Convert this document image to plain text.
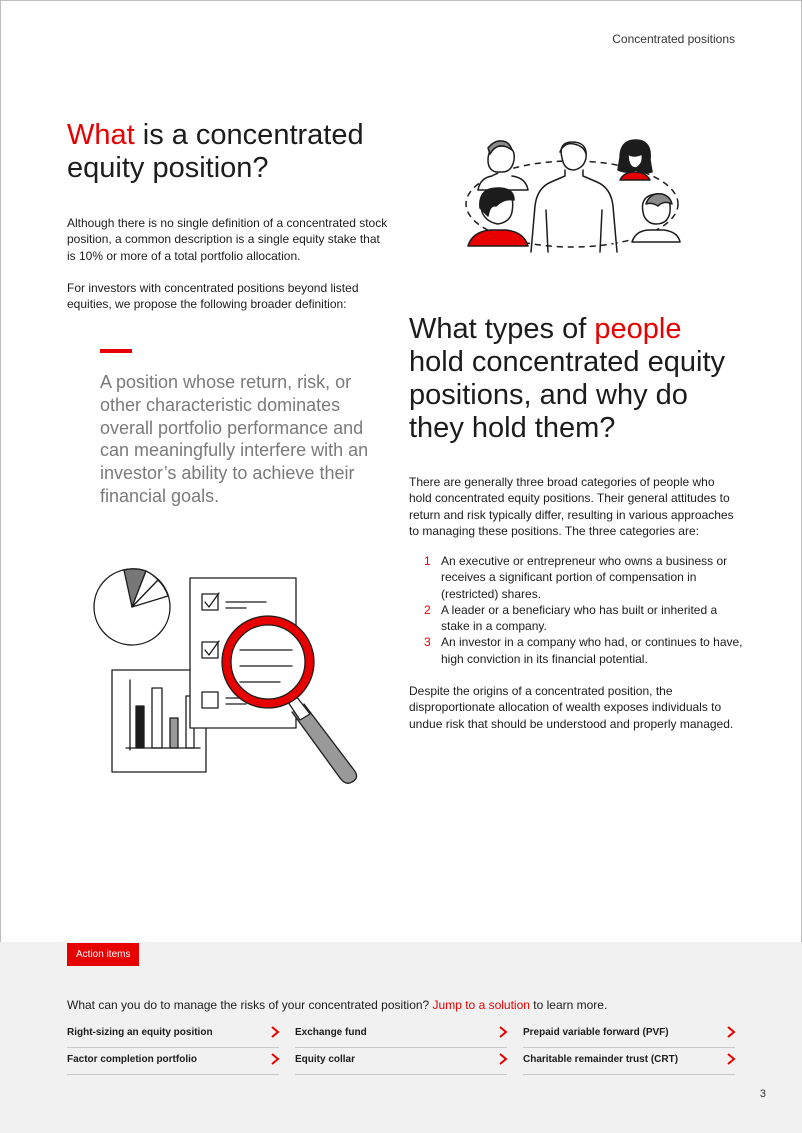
Concentrated positions
What is a concentrated equity position?

Although there is no single definition of a concentrated stock position, a common description is a single equity stake that is 10% or more of a total portfolio allocation.

For investors with concentrated positions beyond listed equities, we propose the following broader definition:

A position whose return, risk, or other characteristic dominates overall portfolio performance and can meaningfully interfere with an investor’s ability to achieve their financial goals.

What types of people hold concentrated equity positions, and why do they hold them?

There are generally three broad categories of people who hold concentrated equity positions. Their general attitudes to return and risk typically differ, resulting in various approaches to managing these positions. The three categories are:

1 An executive or entrepreneur who owns a business or receives a significant portion of compensation in (restricted) shares.
2 A leader or a beneficiary who has built or inherited a stake in a company.
3 An investor in a company who had, or continues to have, high conviction in its financial potential.

Despite the origins of a concentrated position, the disproportionate allocation of wealth exposes individuals to undue risk that should be understood and properly managed.

Action items

What can you do to manage the risks of your concentrated position? Jump to a solution to learn more.

Right-sizing an equity position	Exchange fund	Prepaid variable forward (PVF)
Factor completion portfolio	Equity collar	Charitable remainder trust (CRT)
3
